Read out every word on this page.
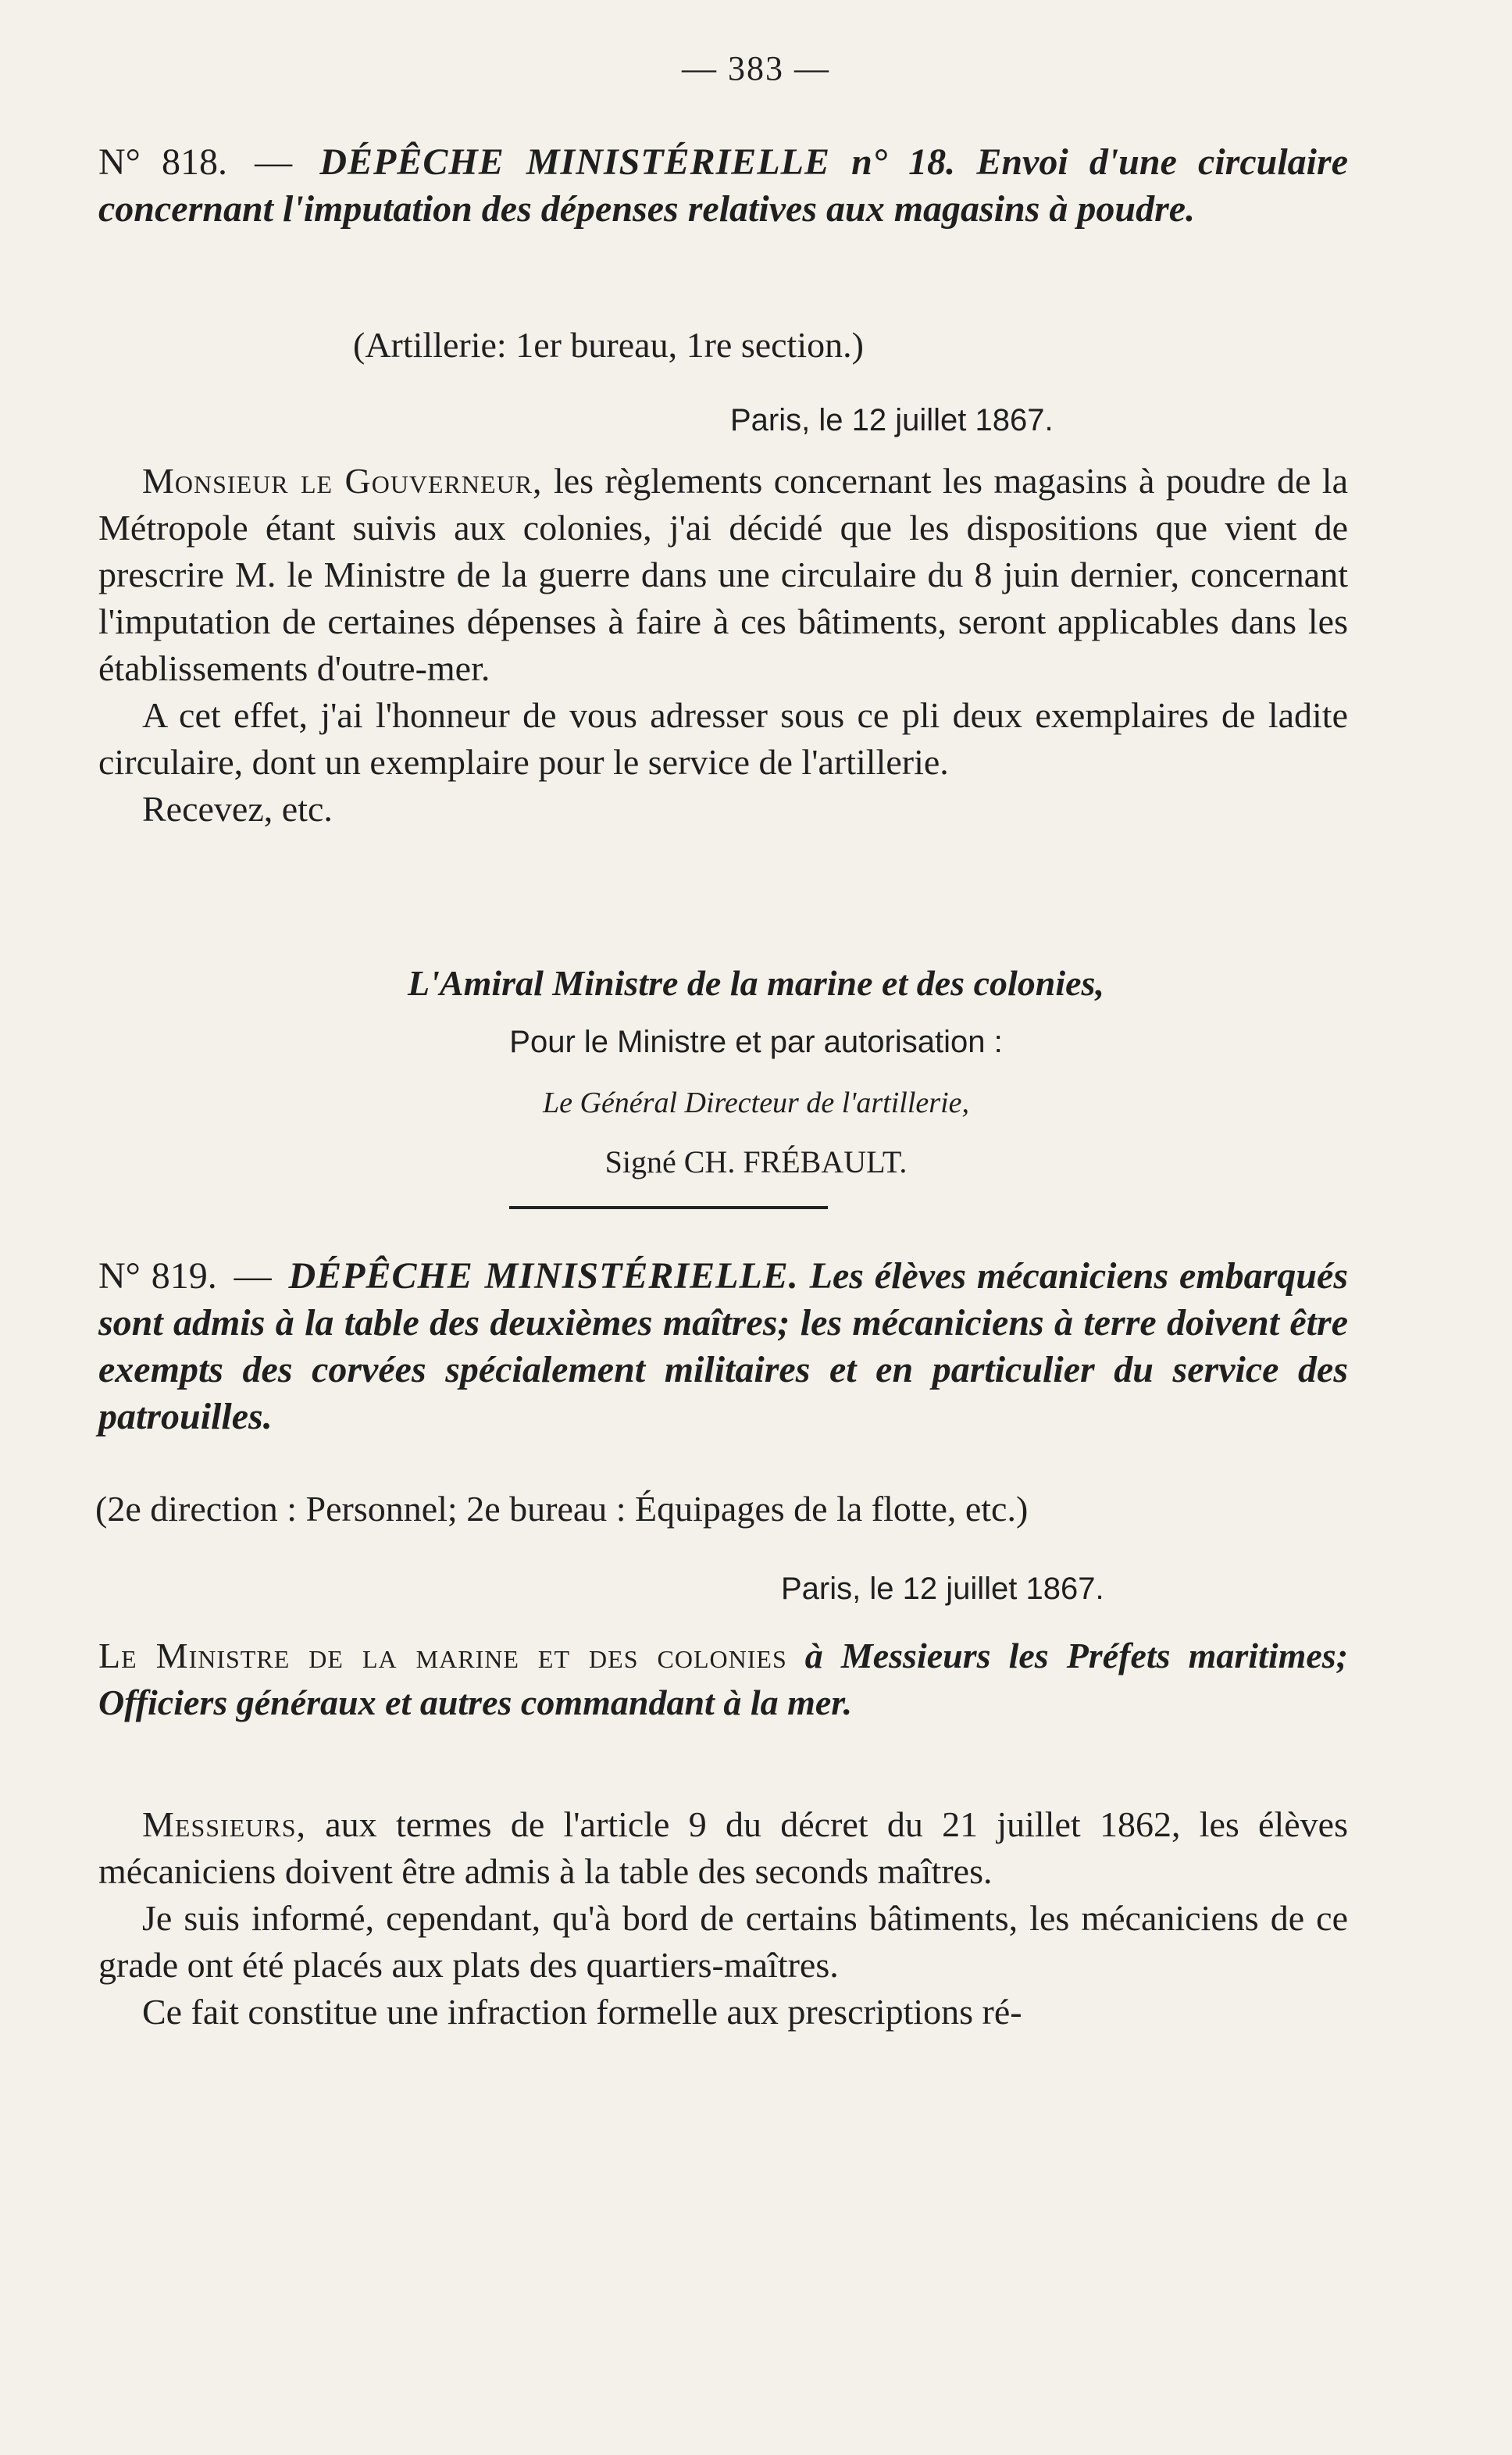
— 383 —
N° 818. — DÉPÊCHE MINISTÉRIELLE n° 18. Envoi d'une circulaire concernant l'imputation des dépenses relatives aux magasins à poudre.
(Artillerie: 1er bureau, 1re section.)
Paris, le 12 juillet 1867.

Monsieur le Gouverneur, les règlements concernant les magasins à poudre de la Métropole étant suivis aux colonies, j'ai décidé que les dispositions que vient de prescrire M. le Ministre de la guerre dans une circulaire du 8 juin dernier, concernant l'imputation de certaines dépenses à faire à ces bâtiments, seront applicables dans les établissements d'outre-mer.

A cet effet, j'ai l'honneur de vous adresser sous ce pli deux exemplaires de ladite circulaire, dont un exemplaire pour le service de l'artillerie.

Recevez, etc.

L'Amiral Ministre de la marine et des colonies,
Pour le Ministre et par autorisation :
Le Général Directeur de l'artillerie,
Signé CH. FRÉBAULT.
N° 819. — DÉPÊCHE MINISTÉRIELLE. Les élèves mécaniciens embarqués sont admis à la table des deuxièmes maîtres; les mécaniciens à terre doivent être exempts des corvées spécialement militaires et en particulier du service des patrouilles.
(2e direction : Personnel; 2e bureau : Équipages de la flotte, etc.)
Paris, le 12 juillet 1867.
Le Ministre de la marine et des colonies à Messieurs les Préfets maritimes; Officiers généraux et autres commandant à la mer.

Messieurs, aux termes de l'article 9 du décret du 21 juillet 1862, les élèves mécaniciens doivent être admis à la table des seconds maîtres.

Je suis informé, cependant, qu'à bord de certains bâtiments, les mécaniciens de ce grade ont été placés aux plats des quartiers-maîtres.

Ce fait constitue une infraction formelle aux prescriptions ré-
